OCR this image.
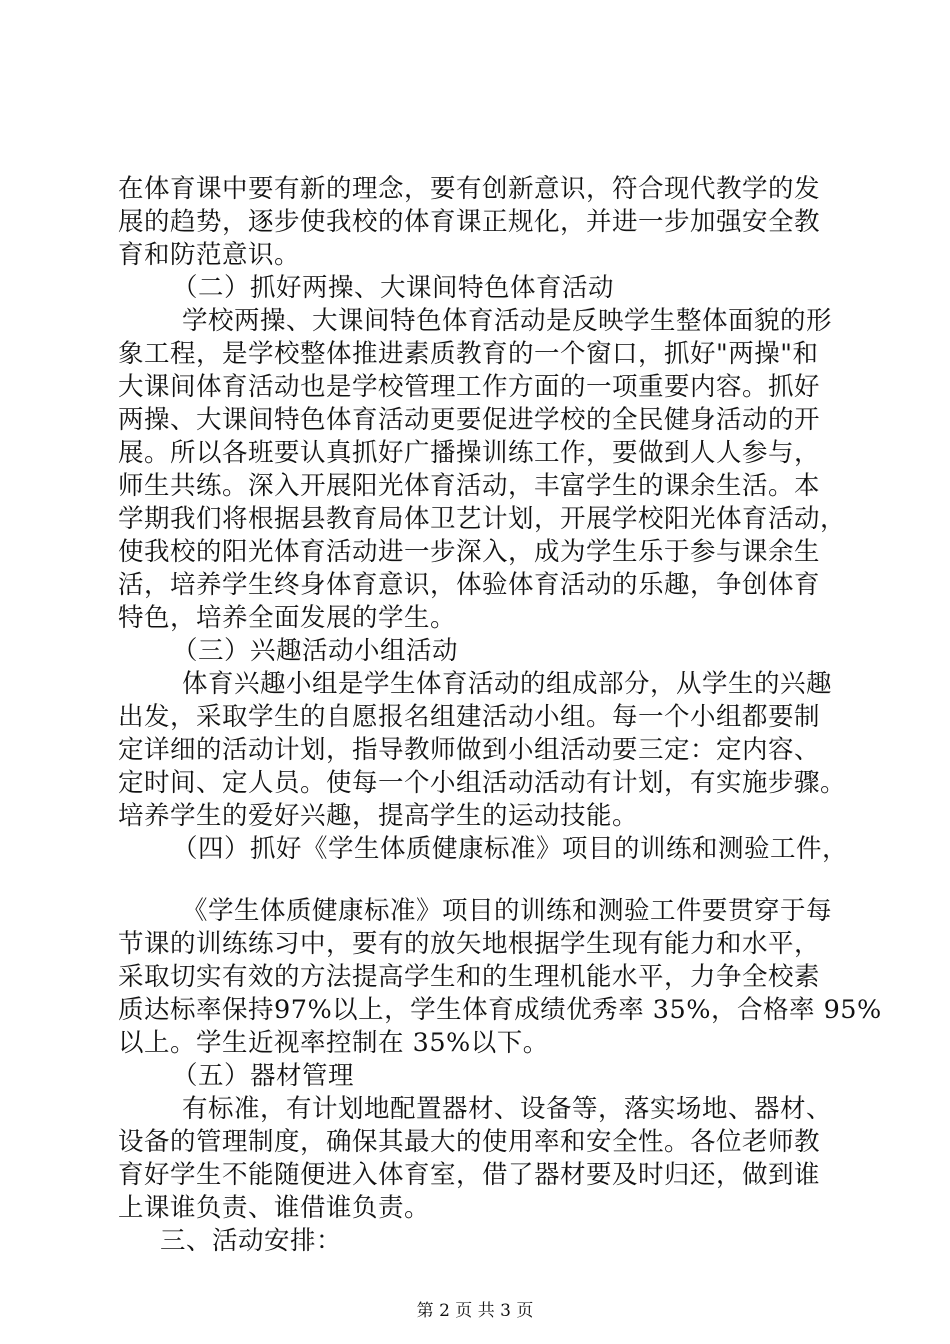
在体育课中要有新的理念，要有创新意识，符合现代教学的发
展的趋势，逐步使我校的体育课正规化，并进一步加强安全教
育和防范意识。
（二）抓好两操、大课间特色体育活动
学校两操、大课间特色体育活动是反映学生整体面貌的形
象工程，是学校整体推进素质教育的一个窗口，抓好"两操"和
大课间体育活动也是学校管理工作方面的一项重要内容。抓好
两操、大课间特色体育活动更要促进学校的全民健身活动的开
展。所以各班要认真抓好广播操训练工作，要做到人人参与，
师生共练。深入开展阳光体育活动，丰富学生的课余生活。本
学期我们将根据县教育局体卫艺计划，开展学校阳光体育活动，
使我校的阳光体育活动进一步深入，成为学生乐于参与课余生
活，培养学生终身体育意识，体验体育活动的乐趣，争创体育
特色，培养全面发展的学生。
（三）兴趣活动小组活动
体育兴趣小组是学生体育活动的组成部分，从学生的兴趣
出发，采取学生的自愿报名组建活动小组。每一个小组都要制
定详细的活动计划，指导教师做到小组活动要三定：定内容、
定时间、定人员。使每一个小组活动活动有计划，有实施步骤。
培养学生的爱好兴趣，提高学生的运动技能。
（四）抓好《学生体质健康标准》项目的训练和测验工件，
《学生体质健康标准》项目的训练和测验工件要贯穿于每
节课的训练练习中，要有的放矢地根据学生现有能力和水平，
采取切实有效的方法提高学生和的生理机能水平，力争全校素
质达标率保持97%以上，学生体育成绩优秀率 35%，合格率 95%
以上。学生近视率控制在 35%以下。
（五）器材管理
有标准，有计划地配置器材、设备等，落实场地、器材、
设备的管理制度，确保其最大的使用率和安全性。各位老师教
育好学生不能随便进入体育室，借了器材要及时归还，做到谁
上课谁负责、谁借谁负责。
三、活动安排：
第 2 页 共 3 页
